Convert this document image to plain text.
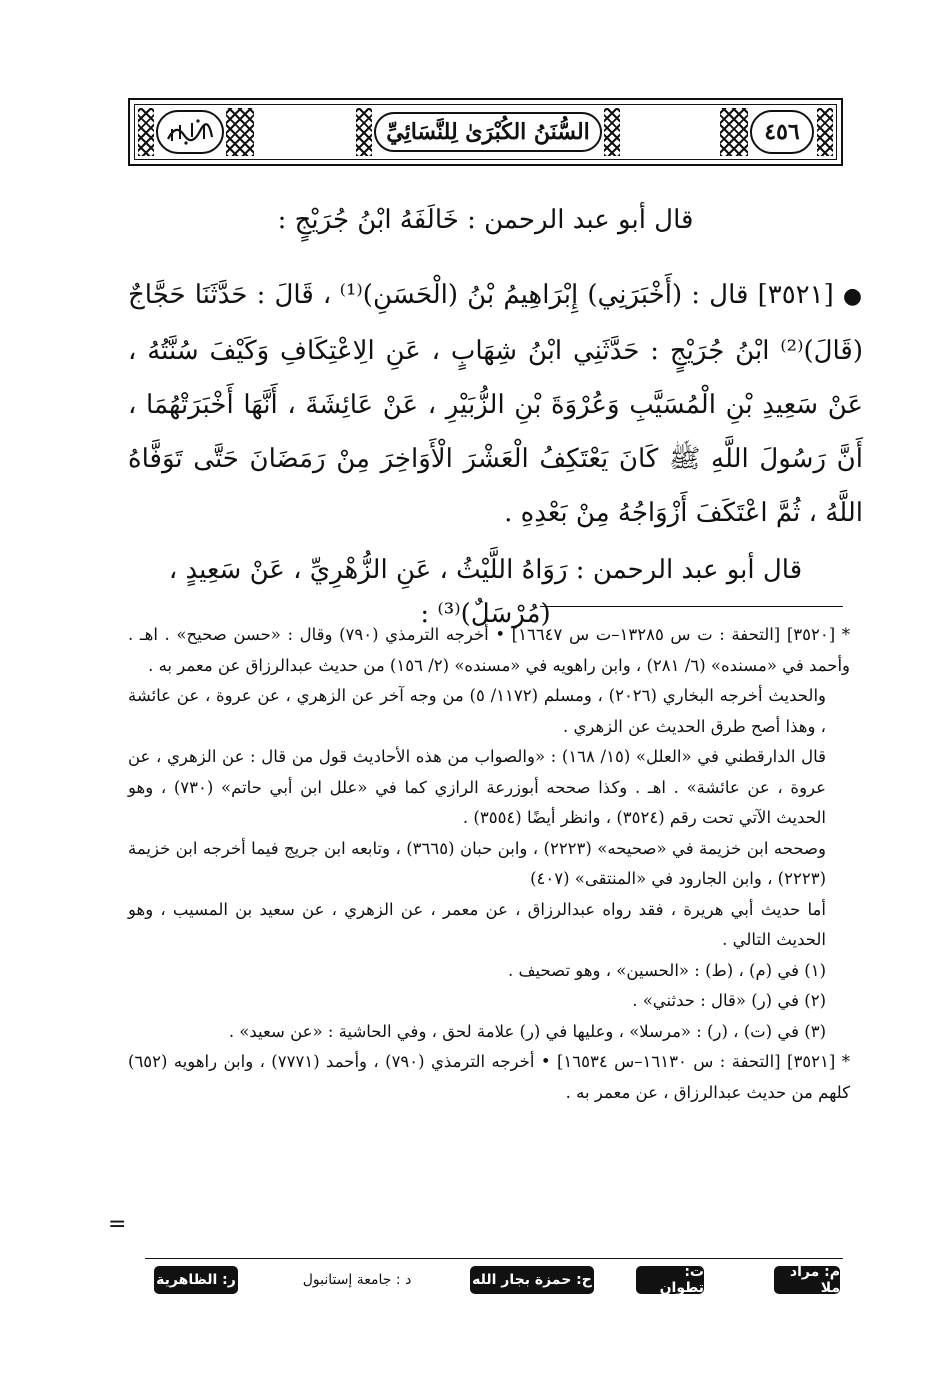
السُّنَنُ الكُبْرَىٰ لِلنَّسَائِيِّ	٤٥٦
قال أبو عبد الرحمن : خَالَفَهُ ابْنُ جُرَيْجٍ :
● [٣٥٢١] قال : (أَخْبَرَنِي) إِبْرَاهِيمُ بْنُ (الْحَسَنِ)⁽¹⁾ ، قَالَ : حَدَّثَنَا حَجَّاجٌ (قَالَ)⁽²⁾ ابْنُ جُرَيْجٍ : حَدَّثَنِي ابْنُ شِهَابٍ ، عَنِ الِاعْتِكَافِ وَكَيْفَ سُنَّتُهُ ، عَنْ سَعِيدِ بْنِ الْمُسَيَّبِ وَعُرْوَةَ بْنِ الزُّبَيْرِ ، عَنْ عَائِشَةَ ، أَنَّهَا أَخْبَرَتْهُمَا ، أَنَّ رَسُولَ اللَّهِ ﷺ كَانَ يَعْتَكِفُ الْعَشْرَ الْأَوَاخِرَ مِنْ رَمَضَانَ حَتَّى تَوَفَّاهُ اللَّهُ ، ثُمَّ اعْتَكَفَ أَزْوَاجُهُ مِنْ بَعْدِهِ .
قال أبو عبد الرحمن : رَوَاهُ اللَّيْثُ ، عَنِ الزُّهْرِيِّ ، عَنْ سَعِيدٍ ، (مُرْسَلٌ)⁽³⁾ :

* [٣٥٢٠] [التحفة : ت س ١٣٢٨٥–ت س ١٦٦٤٧] • أخرجه الترمذي (٧٩٠) وقال : «حسن صحيح» . اهـ . وأحمد في «مسنده» (٦/ ٢٨١) ، وابن راهويه في «مسنده» (٢/ ١٥٦) من حديث عبدالرزاق عن معمر به .

والحديث أخرجه البخاري (٢٠٢٦) ، ومسلم (١١٧٢/ ٥) من وجه آخر عن الزهري ، عن عروة ، عن عائشة ، وهذا أصح طرق الحديث عن الزهري .

قال الدارقطني في «العلل» (١٥/ ١٦٨) : «والصواب من هذه الأحاديث قول من قال : عن الزهري ، عن عروة ، عن عائشة» . اهـ . وكذا صححه أبوزرعة الرازي كما في «علل ابن أبي حاتم» (٧٣٠) ، وهو الحديث الآتي تحت رقم (٣٥٢٤) ، وانظر أيضًا (٣٥٥٤) .

وصححه ابن خزيمة في «صحيحه» (٢٢٢٣) ، وابن حبان (٣٦٦٥) ، وتابعه ابن جريج فيما أخرجه ابن خزيمة (٢٢٢٣) ، وابن الجارود في «المنتقى» (٤٠٧)

أما حديث أبي هريرة ، فقد رواه عبدالرزاق ، عن معمر ، عن الزهري ، عن سعيد بن المسيب ، وهو الحديث التالي .

(١) في (م) ، (ط) : «الحسين» ، وهو تصحيف .

(٢) في (ر) «قال : حدثني» .

(٣) في (ت) ، (ر) : «مرسلا» ، وعليها في (ر) علامة لحق ، وفي الحاشية : «عن سعيد» .

* [٣٥٢١] [التحفة : س ١٦١٣٠–س ١٦٥٣٤] • أخرجه الترمذي (٧٩٠) ، وأحمد (٧٧٧١) ، وابن راهويه (٦٥٢) كلهم من حديث عبدالرزاق ، عن معمر به .

=
م: مراد ملا
ت: تطوان
ح: حمزة بجار الله
د : جامعة إستانبول
ر: الظاهرية
